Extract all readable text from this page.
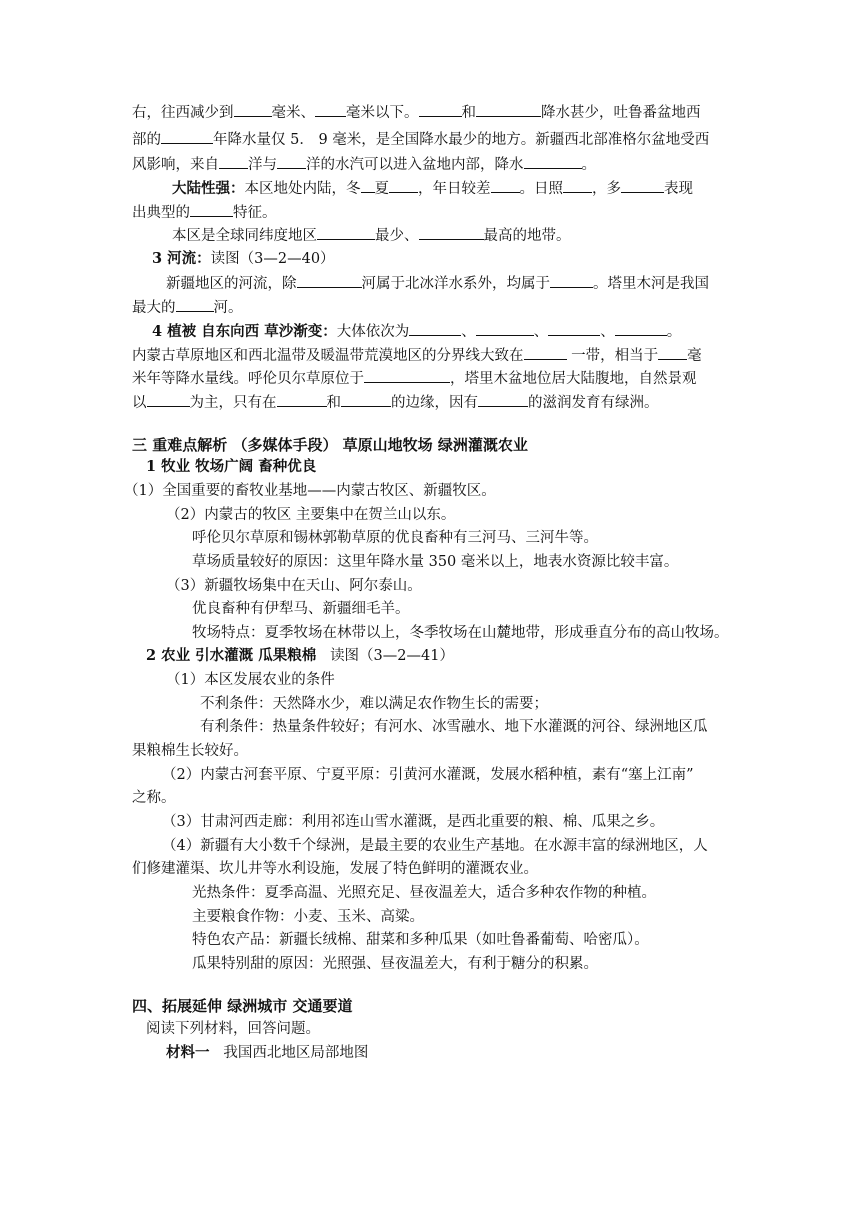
右，往西减少到	毫米、 毫米以下。	和	降水甚少，吐鲁番盆地西
部的	年降水量仅 5． 9 毫米，是全国降水最少的地方。新疆西北部准格尔盆地受西
风影响，来自 洋与 洋的水汽可以进入盆地内部，降水	。
大陆性强：本区地处内陆，冬 夏 ，年日较差 。日照 ，多	表现
出典型的	特征。
本区是全球同纬度地区	最少、	最高的地带。
3 河流：读图（3—2—40）
新疆地区的河流，除	河属于北冰洋水系外，均属于	。塔里木河是我国
最大的	河。
4 植被 自东向西 草沙渐变：大体依次为	、	、	、	。
内蒙古草原地区和西北温带及暖温带荒漠地区的分界线大致在	一带，相当于 毫
米年等降水量线。呼伦贝尔草原位于	，塔里木盆地位居大陆腹地，自然景观
以	为主，只有在	和	的边缘，因有	的滋润发育有绿洲。
三 重难点解析 （多媒体手段） 草原山地牧场 绿洲灌溉农业
1 牧业 牧场广阔 畜种优良
（1）全国重要的畜牧业基地——内蒙古牧区、新疆牧区。
（2）内蒙古的牧区 主要集中在贺兰山以东。
呼伦贝尔草原和锡林郭勒草原的优良畜种有三河马、三河牛等。
草场质量较好的原因：这里年降水量 350 毫米以上，地表水资源比较丰富。
（3）新疆牧场集中在天山、阿尔泰山。
优良畜种有伊犁马、新疆细毛羊。
牧场特点：夏季牧场在林带以上，冬季牧场在山麓地带，形成垂直分布的高山牧场。
2 农业 引水灌溉 瓜果粮棉 读图（3—2—41）
（1）本区发展农业的条件
不利条件：天然降水少，难以满足农作物生长的需要；
有利条件：热量条件较好；有河水、冰雪融水、地下水灌溉的河谷、绿洲地区瓜
果粮棉生长较好。
（2）内蒙古河套平原、宁夏平原：引黄河水灌溉，发展水稻种植，素有“塞上江南”
之称。
（3）甘肃河西走廊：利用祁连山雪水灌溉，是西北重要的粮、棉、瓜果之乡。
（4）新疆有大小数千个绿洲，是最主要的农业生产基地。在水源丰富的绿洲地区，人
们修建灌渠、坎儿井等水利设施，发展了特色鲜明的灌溉农业。
光热条件：夏季高温、光照充足、昼夜温差大，适合多种农作物的种植。
主要粮食作物：小麦、玉米、高粱。
特色农产品：新疆长绒棉、甜菜和多种瓜果（如吐鲁番葡萄、哈密瓜）。
瓜果特别甜的原因：光照强、昼夜温差大，有利于糖分的积累。
四、拓展延伸 绿洲城市 交通要道
阅读下列材料，回答问题。
材料一 我国西北地区局部地图
